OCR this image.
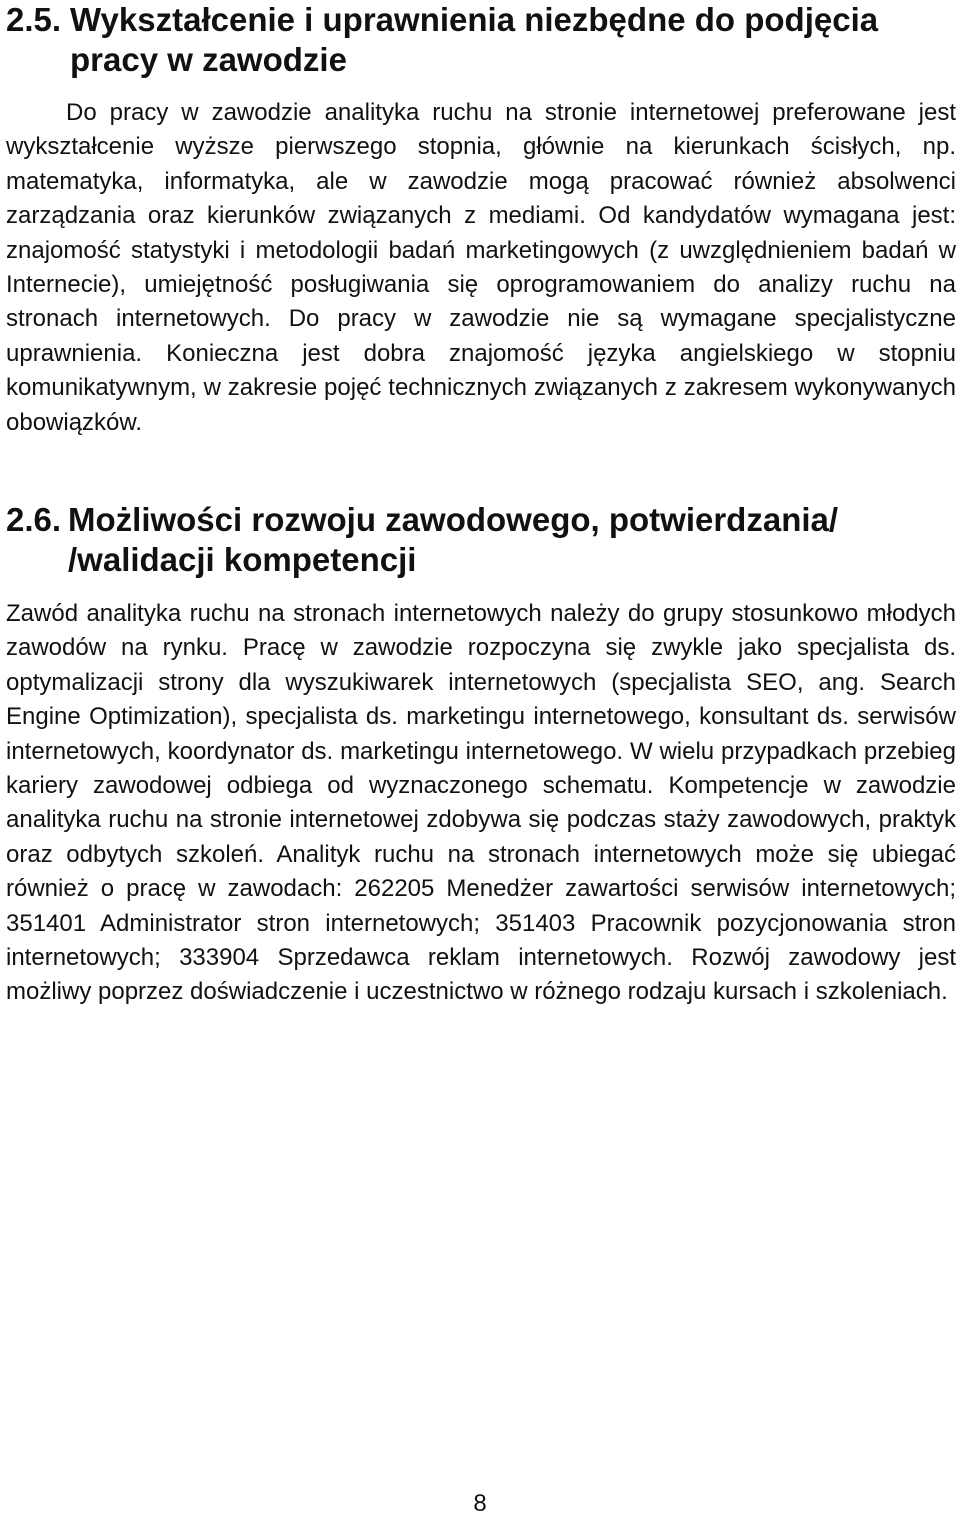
2.5. Wykształcenie i uprawnienia niezbędne do podjęcia pracy w zawodzie

Do pracy w zawodzie analityka ruchu na stronie internetowej preferowane jest wykształcenie wyższe pierwszego stopnia, głównie na kierunkach ścisłych, np. matematyka, informatyka, ale w zawodzie mogą pracować również absolwenci zarządzania oraz kierunków związanych z mediami. Od kandydatów wymagana jest: znajomość statystyki i metodologii badań marketingowych (z uwzględnieniem badań w Internecie), umiejętność posługiwania się oprogramowaniem do analizy ruchu na stronach internetowych. Do pracy w zawodzie nie są wymagane specjalistyczne uprawnienia. Konieczna jest dobra znajomość języka angielskiego w stopniu komunikatywnym, w zakresie pojęć technicznych związanych z zakresem wykonywanych obowiązków.

2.6. Możliwości rozwoju zawodowego, potwierdzania/ /walidacji kompetencji

Zawód analityka ruchu na stronach internetowych należy do grupy stosunkowo młodych zawodów na rynku. Pracę w zawodzie rozpoczyna się zwykle jako specjalista ds. optymalizacji strony dla wyszukiwarek internetowych (specjalista SEO, ang. Search Engine Optimization), specjalista ds. marketingu internetowego, konsultant ds. serwisów internetowych, koordynator ds. marketingu internetowego. W wielu przypadkach przebieg kariery zawodowej odbiega od wyznaczonego schematu. Kompetencje w zawodzie analityka ruchu na stronie internetowej zdobywa się podczas staży zawodowych, praktyk oraz odbytych szkoleń. Analityk ruchu na stronach internetowych może się ubiegać również o pracę w zawodach: 262205 Menedżer zawartości serwisów internetowych; 351401 Administrator stron internetowych; 351403 Pracownik pozycjonowania stron internetowych; 333904 Sprzedawca reklam internetowych. Rozwój zawodowy jest możliwy poprzez doświadczenie i uczestnictwo w różnego rodzaju kursach i szkoleniach.

8
